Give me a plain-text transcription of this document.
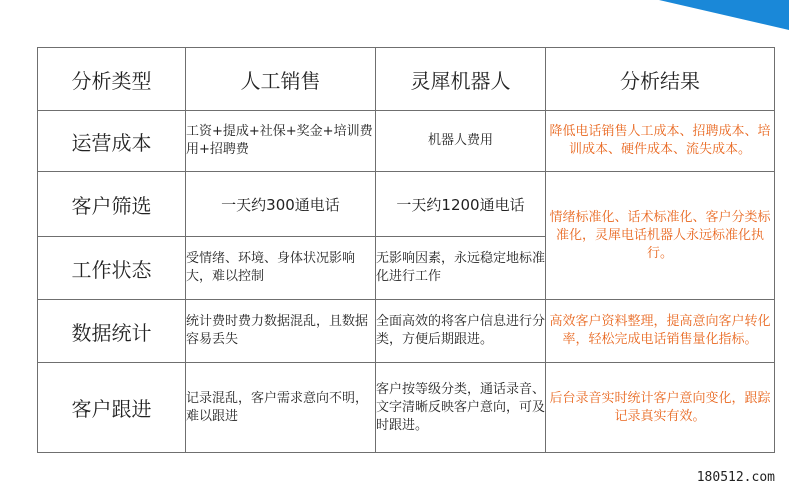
分析类型	人工销售	灵犀机器人	分析结果
运营成本	工资+提成+社保+奖金+培训费用+招聘费	机器人费用	降低电话销售人工成本、招聘成本、培训成本、硬件成本、流失成本。
客户筛选	一天约300通电话	一天约1200通电话	情绪标准化、话术标准化、客户分类标准化，灵犀电话机器人永远标准化执行。
工作状态	受情绪、环境、身体状况影响大，难以控制	无影响因素，永远稳定地标准化进行工作	
数据统计	统计费时费力数据混乱，且数据容易丢失	全面高效的将客户信息进行分类，方便后期跟进。	高效客户资料整理，提高意向客户转化率，轻松完成电话销售量化指标。
客户跟进	记录混乱，客户需求意向不明，难以跟进	客户按等级分类，通话录音、文字清晰反映客户意向，可及时跟进。	后台录音实时统计客户意向变化，跟踪记录真实有效。
180512.com
